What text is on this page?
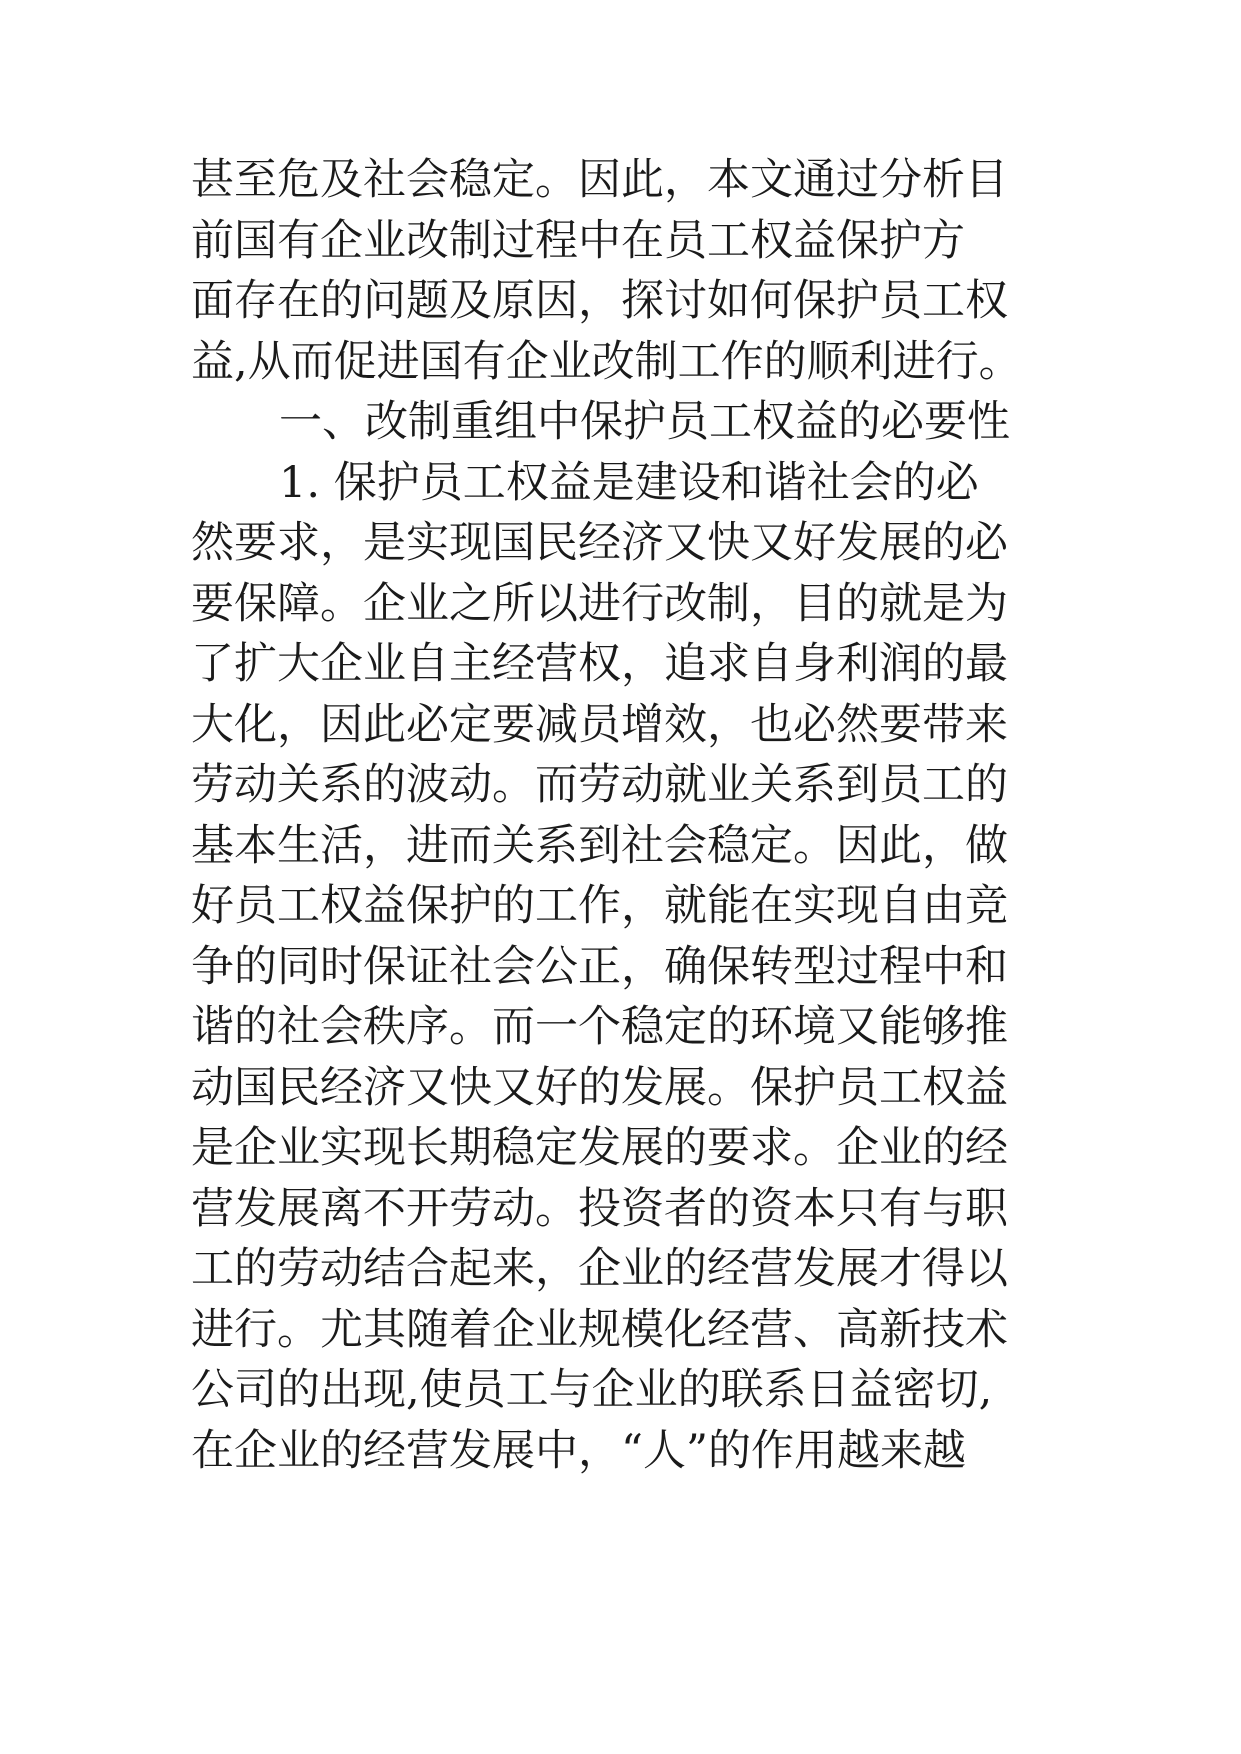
甚至危及社会稳定。因此，本文通过分析目
前国有企业改制过程中在员工权益保护方
面存在的问题及原因，探讨如何保护员工权
益,从而促进国有企业改制工作的顺利进行。
一、改制重组中保护员工权益的必要性
1. 保护员工权益是建设和谐社会的必
然要求，是实现国民经济又快又好发展的必
要保障。企业之所以进行改制，目的就是为
了扩大企业自主经营权，追求自身利润的最
大化，因此必定要减员增效，也必然要带来
劳动关系的波动。而劳动就业关系到员工的
基本生活，进而关系到社会稳定。因此，做
好员工权益保护的工作，就能在实现自由竞
争的同时保证社会公正，确保转型过程中和
谐的社会秩序。而一个稳定的环境又能够推
动国民经济又快又好的发展。保护员工权益
是企业实现长期稳定发展的要求。企业的经
营发展离不开劳动。投资者的资本只有与职
工的劳动结合起来，企业的经营发展才得以
进行。尤其随着企业规模化经营、高新技术
公司的出现,使员工与企业的联系日益密切,
在企业的经营发展中，“人”的作用越来越
